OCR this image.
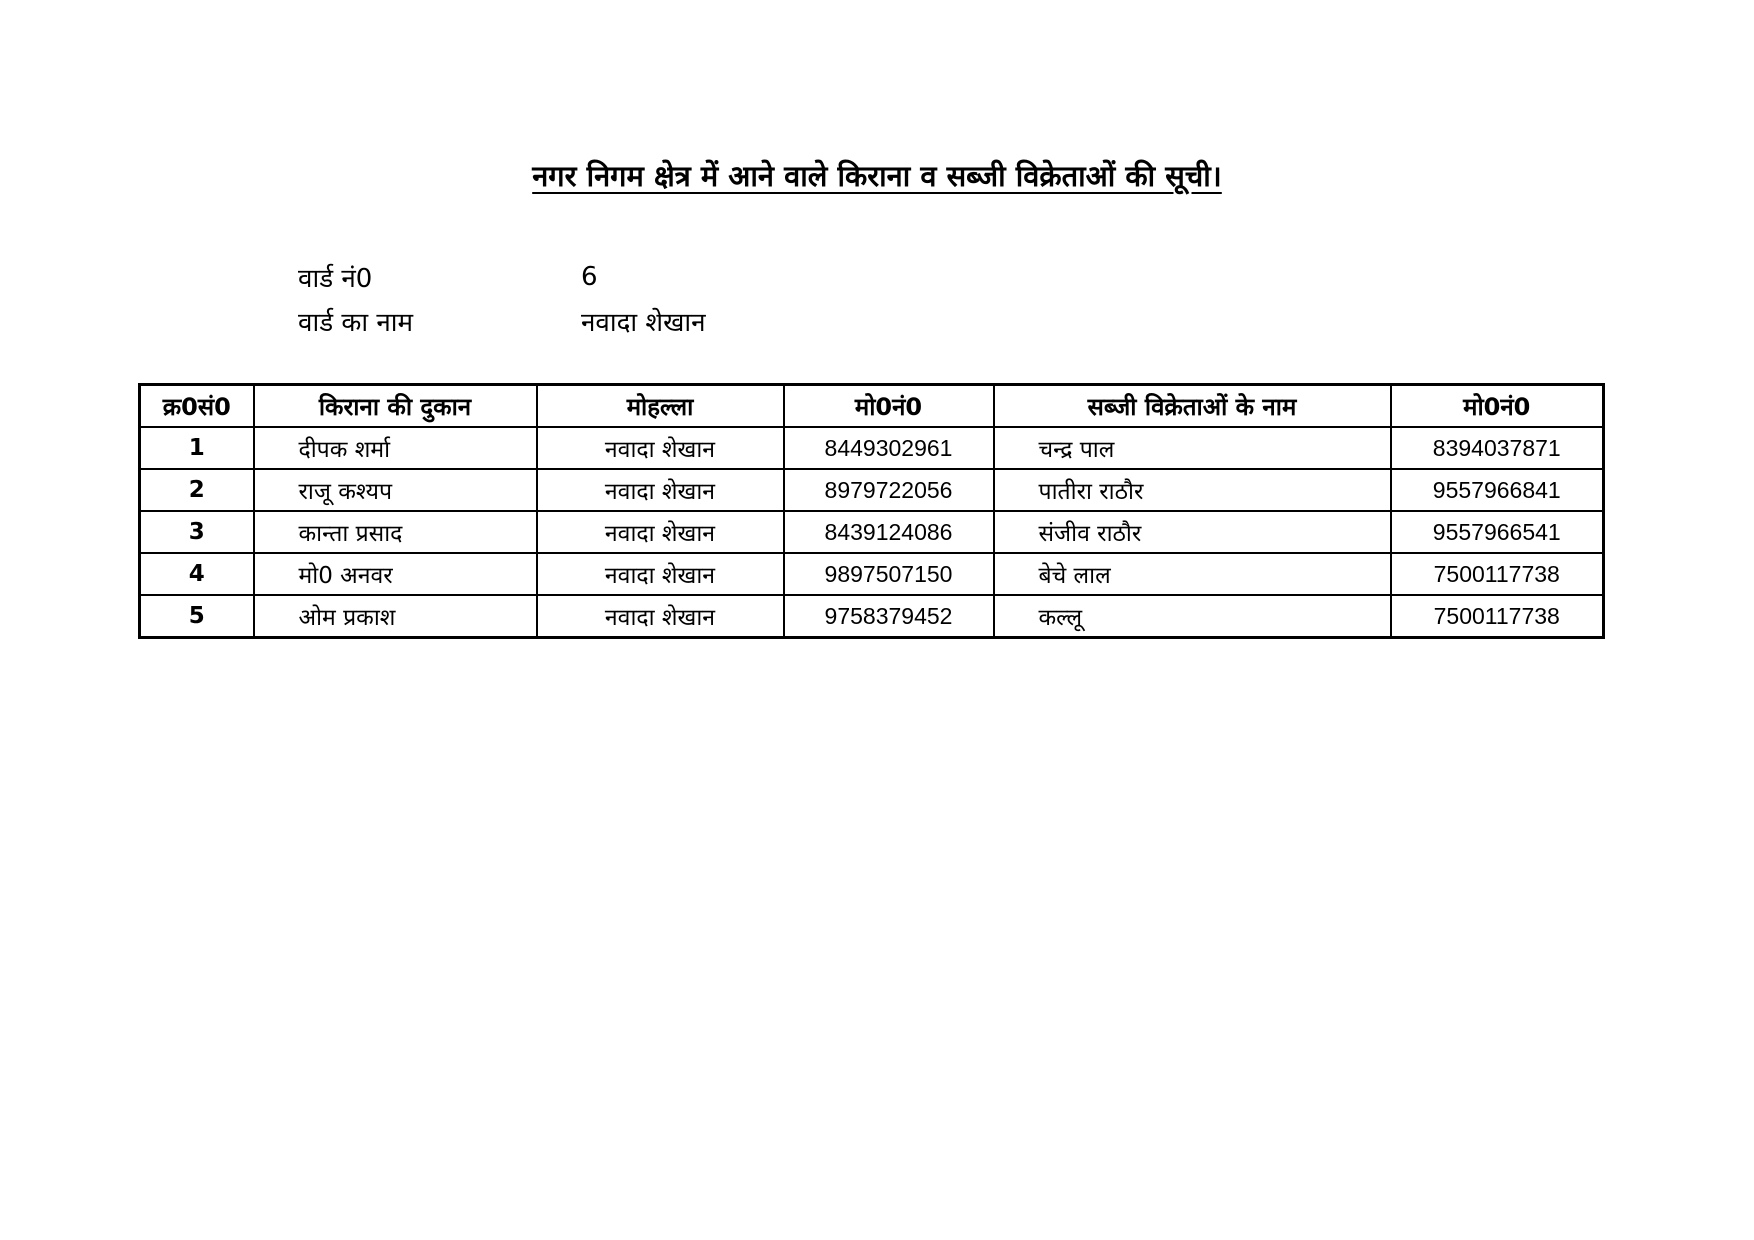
नगर निगम क्षेत्र में आने वाले किराना व सब्जी विक्रेताओं की सूची।
वार्ड नं0	6
वार्ड का नाम	नवादा शेखान
क्र0सं0	किराना की दुकान	मोहल्ला	मो0नं0	सब्जी विक्रेताओं के नाम	मो0नं0
1	दीपक शर्मा	नवादा शेखान	8449302961	चन्द्र पाल	8394037871
2	राजू कश्यप	नवादा शेखान	8979722056	पातीरा राठौर	9557966841
3	कान्ता प्रसाद	नवादा शेखान	8439124086	संजीव राठौर	9557966541
4	मो0 अनवर	नवादा शेखान	9897507150	बेचे लाल	7500117738
5	ओम प्रकाश	नवादा शेखान	9758379452	कल्लू	7500117738
